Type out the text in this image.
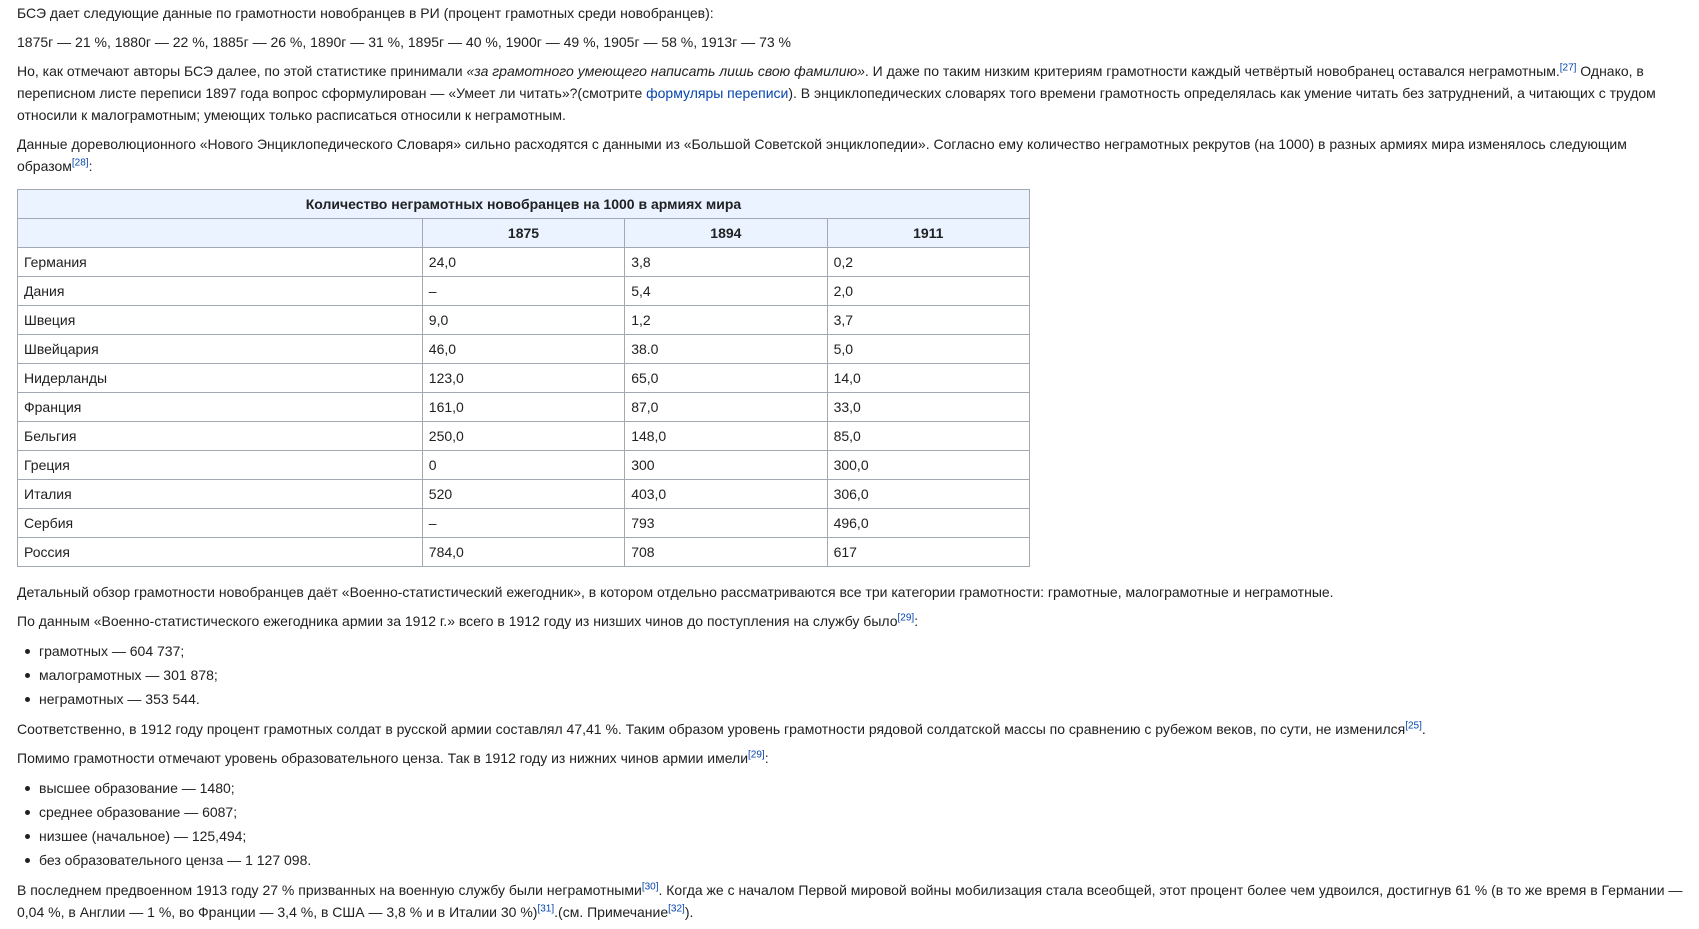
БСЭ дает следующие данные по грамотности новобранцев в РИ (процент грамотных среди новобранцев):

1875г — 21 %, 1880г — 22 %, 1885г — 26 %, 1890г — 31 %, 1895г — 40 %, 1900г — 49 %, 1905г — 58 %, 1913г — 73 %

Но, как отмечают авторы БСЭ далее, по этой статистике принимали «за грамотного умеющего написать лишь свою фамилию». И даже по таким низким критериям грамотности каждый четвёртый новобранец оставался неграмотным.[27] Однако, в переписном листе переписи 1897 года вопрос сформулирован — «Умеет ли читать»?(смотрите формуляры переписи). В энциклопедических словарях того времени грамотность определялась как умение читать без затруднений, а читающих с трудом относили к малограмотным; умеющих только расписаться относили к неграмотным.

Данные дореволюционного «Нового Энциклопедического Словаря» сильно расходятся с данными из «Большой Советской энциклопедии». Согласно ему количество неграмотных рекрутов (на 1000) в разных армиях мира изменялось следующим образом[28]:

Количество неграмотных новобранцев на 1000 в армиях мира			
	1875	1894	1911
Германия	24,0	3,8	0,2
Дания	–	5,4	2,0
Швеция	9,0	1,2	3,7
Швейцария	46,0	38.0	5,0
Нидерланды	123,0	65,0	14,0
Франция	161,0	87,0	33,0
Бельгия	250,0	148,0	85,0
Греция	0	300	300,0
Италия	520	403,0	306,0
Сербия	–	793	496,0
Россия	784,0	708	617

Детальный обзор грамотности новобранцев даёт «Военно-статистический ежегодник», в котором отдельно рассматриваются все три категории грамотности: грамотные, малограмотные и неграмотные.

По данным «Военно-статистического ежегодника армии за 1912 г.» всего в 1912 году из низших чинов до поступления на службу было[29]:

грамотных — 604 737;
малограмотных — 301 878;
неграмотных — 353 544.

Соответственно, в 1912 году процент грамотных солдат в русской армии составлял 47,41 %. Таким образом уровень грамотности рядовой солдатской массы по сравнению с рубежом веков, по сути, не изменился[25].

Помимо грамотности отмечают уровень образовательного ценза. Так в 1912 году из нижних чинов армии имели[29]:

высшее образование — 1480;
среднее образование — 6087;
низшее (начальное) — 125,494;
без образовательного ценза — 1 127 098.

В последнем предвоенном 1913 году 27 % призванных на военную службу были неграмотными[30]. Когда же с началом Первой мировой войны мобилизация стала всеобщей, этот процент более чем удвоился, достигнув 61 % (в то же время в Германии — 0,04 %, в Англии — 1 %, во Франции — 3,4 %, в США — 3,8 % и в Италии 30 %)[31].(см. Примечание[32]).
